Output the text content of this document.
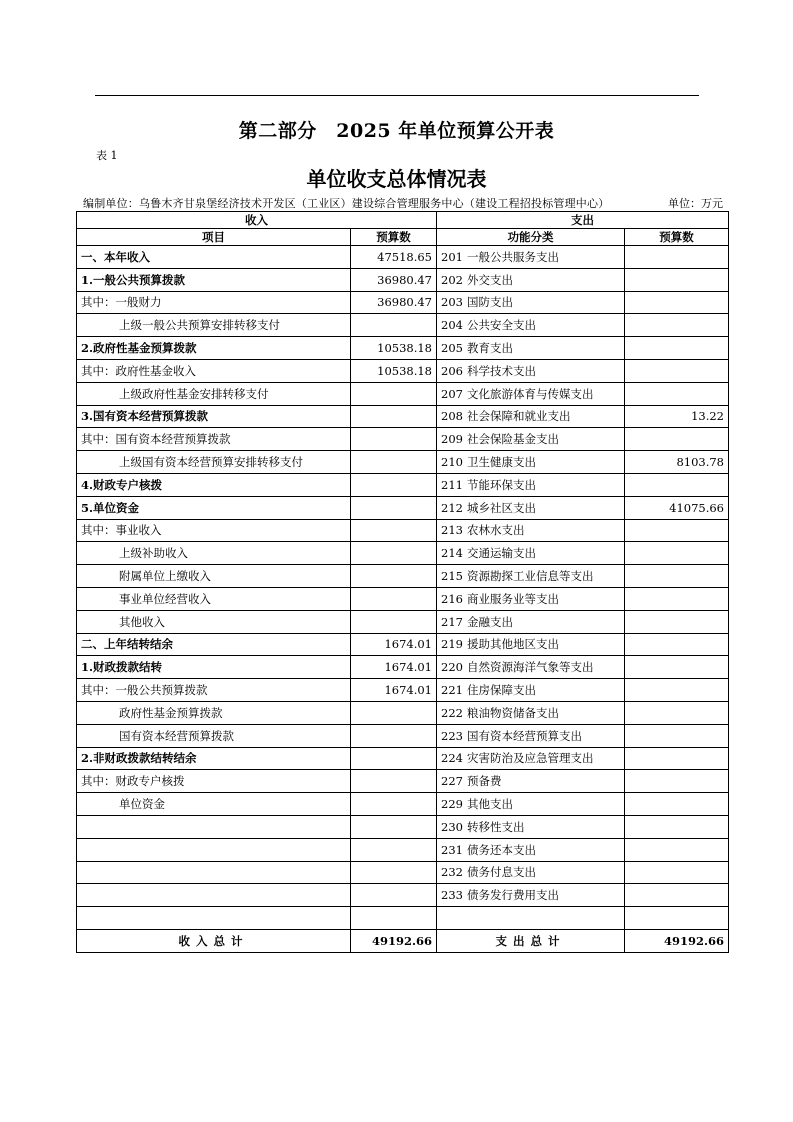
第二部分　2025 年单位预算公开表
表 1
单位收支总体情况表
编制单位：乌鲁木齐甘泉堡经济技术开发区（工业区）建设综合管理服务中心（建设工程招投标管理中心）	单位：万元
收入		支出	
项目	预算数	功能分类	预算数
一、本年收入	47518.65	201 一般公共服务支出	
1.一般公共预算拨款	36980.47	202 外交支出	
其中：一般财力	36980.47	203 国防支出	
上级一般公共预算安排转移支付		204 公共安全支出	
2.政府性基金预算拨款	10538.18	205 教育支出	
其中：政府性基金收入	10538.18	206 科学技术支出	
上级政府性基金安排转移支付		207 文化旅游体育与传媒支出	
3.国有资本经营预算拨款		208 社会保障和就业支出	13.22
其中：国有资本经营预算拨款		209 社会保险基金支出	
上级国有资本经营预算安排转移支付		210 卫生健康支出	8103.78
4.财政专户核拨		211 节能环保支出	
5.单位资金		212 城乡社区支出	41075.66
其中：事业收入		213 农林水支出	
上级补助收入		214 交通运输支出	
附属单位上缴收入		215 资源勘探工业信息等支出	
事业单位经营收入		216 商业服务业等支出	
其他收入		217 金融支出	
二、上年结转结余	1674.01	219 援助其他地区支出	
1.财政拨款结转	1674.01	220 自然资源海洋气象等支出	
其中：一般公共预算拨款	1674.01	221 住房保障支出	
政府性基金预算拨款		222 粮油物资储备支出	
国有资本经营预算拨款		223 国有资本经营预算支出	
2.非财政拨款结转结余		224 灾害防治及应急管理支出	
其中：财政专户核拨		227 预备费	
单位资金		229 其他支出	
		230 转移性支出	
		231 债务还本支出	
		232 债务付息支出	
		233 债务发行费用支出	

收入总计	49192.66	支出总计	49192.66
